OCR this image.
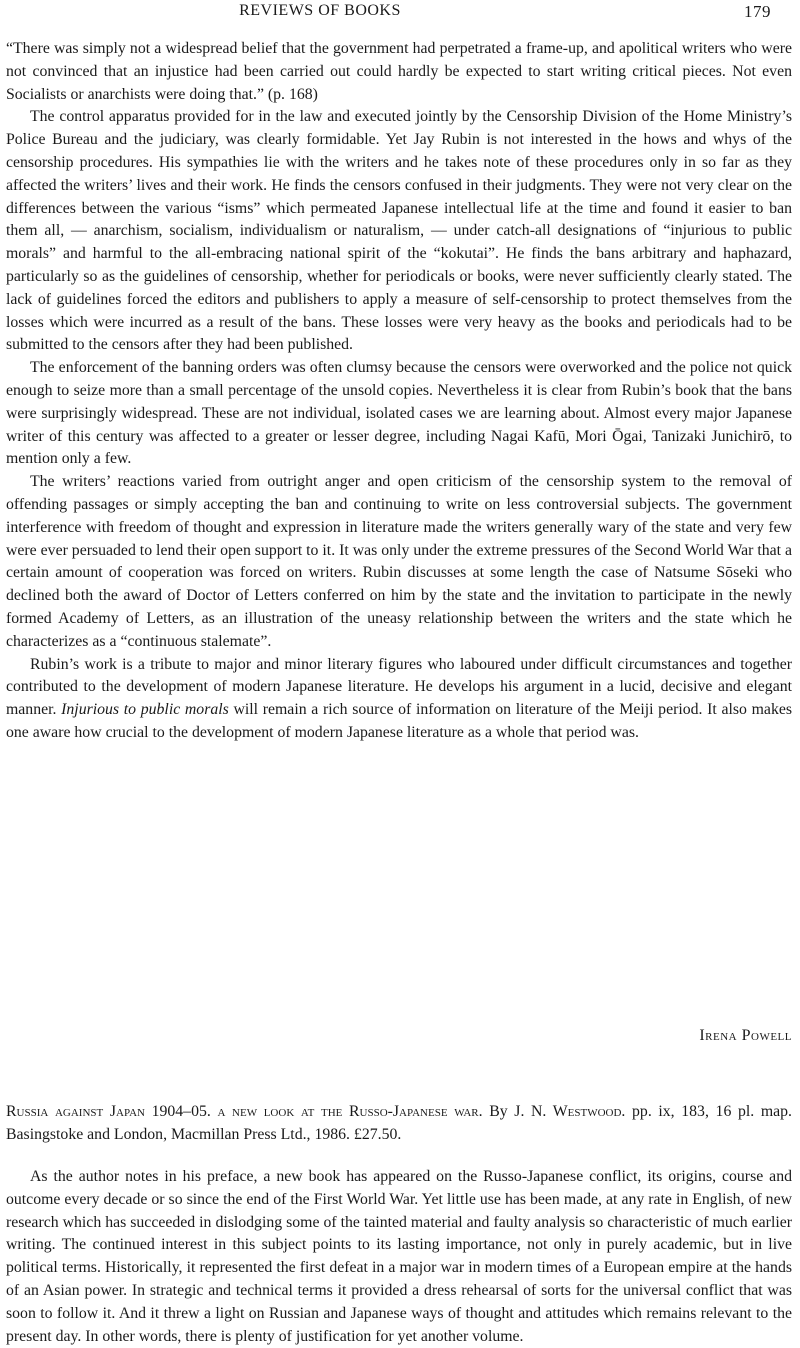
REVIEWS OF BOOKS	179

“There was simply not a widespread belief that the government had perpetrated a frame-up, and apolitical writers who were not convinced that an injustice had been carried out could hardly be expected to start writing critical pieces. Not even Socialists or anarchists were doing that.” (p. 168)

The control apparatus provided for in the law and executed jointly by the Censorship Division of the Home Ministry’s Police Bureau and the judiciary, was clearly formidable. Yet Jay Rubin is not interested in the hows and whys of the censorship procedures. His sympathies lie with the writers and he takes note of these procedures only in so far as they affected the writers’ lives and their work. He finds the censors confused in their judgments. They were not very clear on the differences between the various “isms” which permeated Japanese intellectual life at the time and found it easier to ban them all, — anarchism, socialism, individualism or naturalism, — under catch-all designations of “injurious to public morals” and harmful to the all-embracing national spirit of the “kokutai”. He finds the bans arbitrary and haphazard, particularly so as the guidelines of censorship, whether for periodicals or books, were never sufficiently clearly stated. The lack of guidelines forced the editors and publishers to apply a measure of self-censorship to protect themselves from the losses which were incurred as a result of the bans. These losses were very heavy as the books and periodicals had to be submitted to the censors after they had been published.

The enforcement of the banning orders was often clumsy because the censors were overworked and the police not quick enough to seize more than a small percentage of the unsold copies. Nevertheless it is clear from Rubin’s book that the bans were surprisingly widespread. These are not individual, isolated cases we are learning about. Almost every major Japanese writer of this century was affected to a greater or lesser degree, including Nagai Kafū, Mori Ōgai, Tanizaki Junichirō, to mention only a few.

The writers’ reactions varied from outright anger and open criticism of the censorship system to the removal of offending passages or simply accepting the ban and continuing to write on less controversial subjects. The government interference with freedom of thought and expression in literature made the writers generally wary of the state and very few were ever persuaded to lend their open support to it. It was only under the extreme pressures of the Second World War that a certain amount of cooperation was forced on writers. Rubin discusses at some length the case of Natsume Sōseki who declined both the award of Doctor of Letters conferred on him by the state and the invitation to participate in the newly formed Academy of Letters, as an illustration of the uneasy relationship between the writers and the state which he characterizes as a “continuous stalemate”.

Rubin’s work is a tribute to major and minor literary figures who laboured under difficult circumstances and together contributed to the development of modern Japanese literature. He develops his argument in a lucid, decisive and elegant manner. Injurious to public morals will remain a rich source of information on literature of the Meiji period. It also makes one aware how crucial to the development of modern Japanese literature as a whole that period was.

Irena Powell
Russia against Japan 1904–05. a new look at the Russo-Japanese war. By J. N. Westwood. pp. ix, 183, 16 pl. map. Basingstoke and London, Macmillan Press Ltd., 1986. £27.50.

As the author notes in his preface, a new book has appeared on the Russo-Japanese conflict, its origins, course and outcome every decade or so since the end of the First World War. Yet little use has been made, at any rate in English, of new research which has succeeded in dislodging some of the tainted material and faulty analysis so characteristic of much earlier writing. The continued interest in this subject points to its lasting importance, not only in purely academic, but in live political terms. Historically, it represented the first defeat in a major war in modern times of a European empire at the hands of an Asian power. In strategic and technical terms it provided a dress rehearsal of sorts for the universal conflict that was soon to follow it. And it threw a light on Russian and Japanese ways of thought and attitudes which remains relevant to the present day. In other words, there is plenty of justification for yet another volume.
